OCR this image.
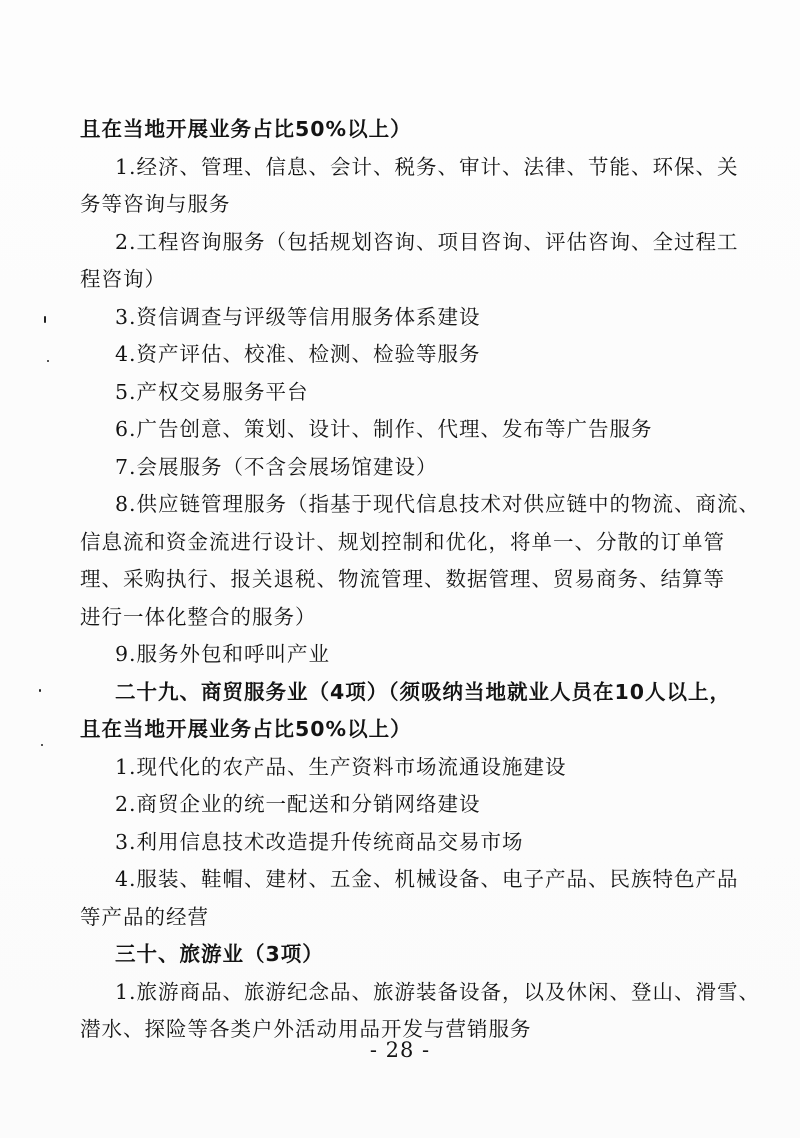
且在当地开展业务占比50%以上）
1.经济、管理、信息、会计、税务、审计、法律、节能、环保、关
务等咨询与服务
2.工程咨询服务（包括规划咨询、项目咨询、评估咨询、全过程工
程咨询）
3.资信调查与评级等信用服务体系建设
4.资产评估、校准、检测、检验等服务
5.产权交易服务平台
6.广告创意、策划、设计、制作、代理、发布等广告服务
7.会展服务（不含会展场馆建设）
8.供应链管理服务（指基于现代信息技术对供应链中的物流、商流、
信息流和资金流进行设计、规划控制和优化，将单一、分散的订单管
理、采购执行、报关退税、物流管理、数据管理、贸易商务、结算等
进行一体化整合的服务）
9.服务外包和呼叫产业
二十九、商贸服务业（4项）（须吸纳当地就业人员在10人以上，
且在当地开展业务占比50%以上）
1.现代化的农产品、生产资料市场流通设施建设
2.商贸企业的统一配送和分销网络建设
3.利用信息技术改造提升传统商品交易市场
4.服装、鞋帽、建材、五金、机械设备、电子产品、民族特色产品
等产品的经营
三十、旅游业（3项）
1.旅游商品、旅游纪念品、旅游装备设备，以及休闲、登山、滑雪、
潜水、探险等各类户外活动用品开发与营销服务
- 28 -
